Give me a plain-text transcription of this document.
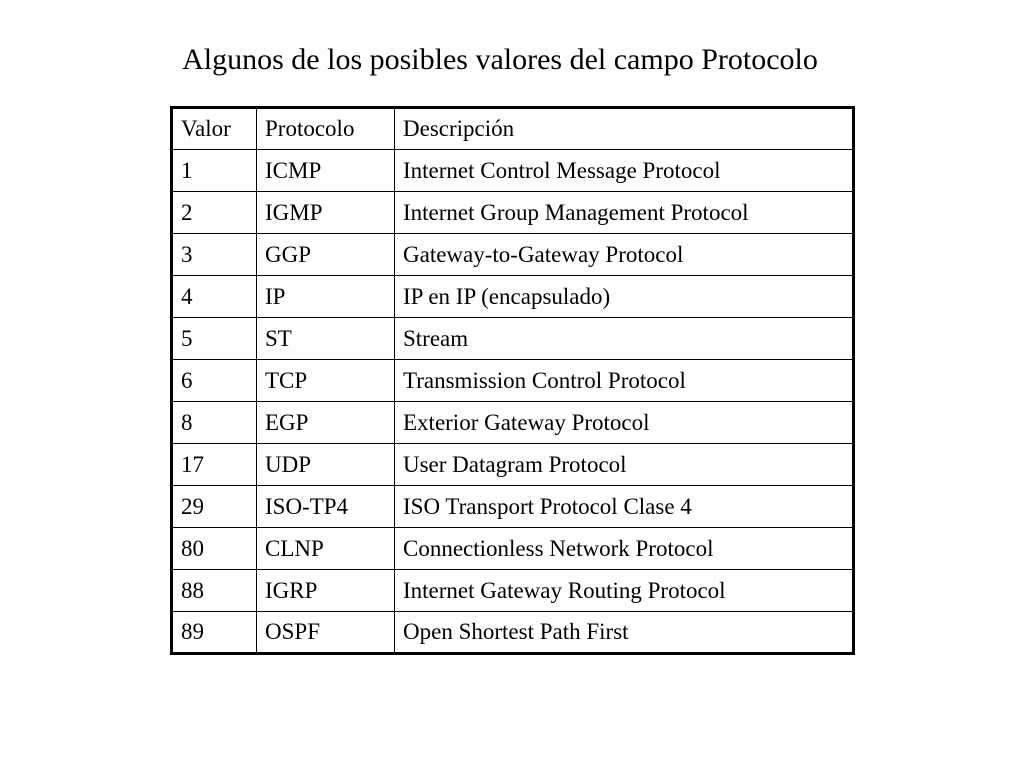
Algunos de los posibles valores del campo Protocolo
Valor	Protocolo	Descripción
1	ICMP	Internet Control Message Protocol
2	IGMP	Internet Group Management Protocol
3	GGP	Gateway-to-Gateway Protocol
4	IP	IP en IP (encapsulado)
5	ST	Stream
6	TCP	Transmission Control Protocol
8	EGP	Exterior Gateway Protocol
17	UDP	User Datagram Protocol
29	ISO-TP4	ISO Transport Protocol Clase 4
80	CLNP	Connectionless Network Protocol
88	IGRP	Internet Gateway Routing Protocol
89	OSPF	Open Shortest Path First
